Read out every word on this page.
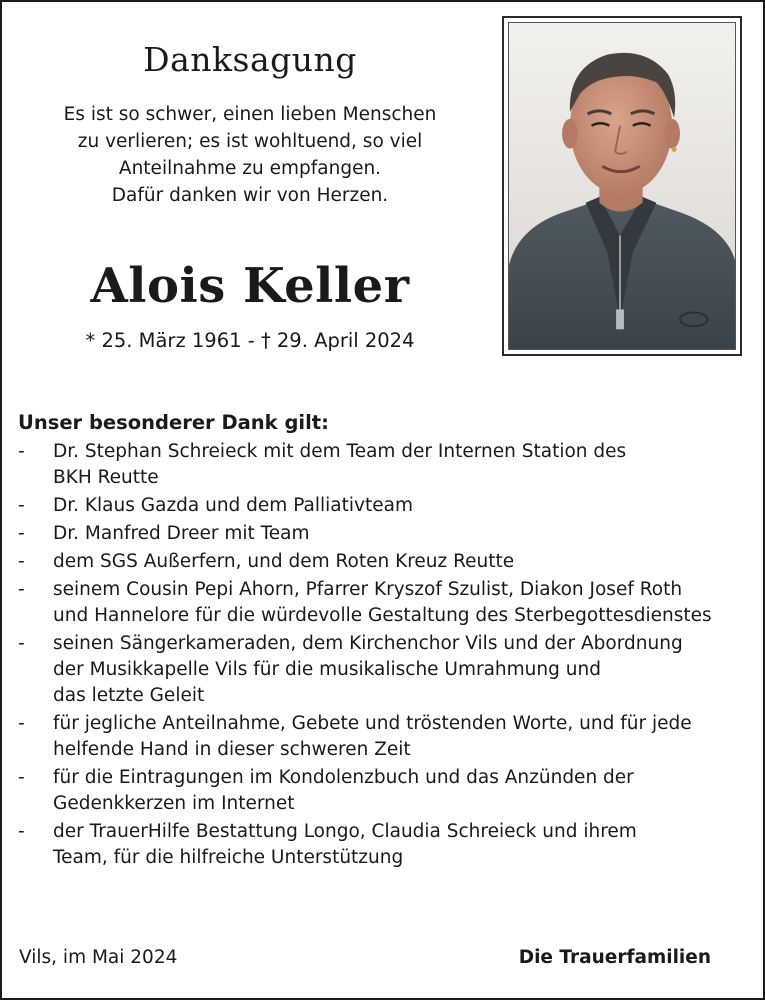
Danksagung
Es ist so schwer, einen lieben Menschen
zu verlieren; es ist wohltuend, so viel
Anteilnahme zu empfangen.
Dafür danken wir von Herzen.
Alois Keller
* 25. März 1961 - † 29. April 2024
Unser besonderer Dank gilt:
- Dr. Stephan Schreieck mit dem Team der Internen Station des
BKH Reutte
- Dr. Klaus Gazda und dem Palliativteam
- Dr. Manfred Dreer mit Team
- dem SGS Außerfern, und dem Roten Kreuz Reutte
- seinem Cousin Pepi Ahorn, Pfarrer Kryszof Szulist, Diakon Josef Roth
und Hannelore für die würdevolle Gestaltung des Sterbegottesdienstes
- seinen Sängerkameraden, dem Kirchenchor Vils und der Abordnung
der Musikkapelle Vils für die musikalische Umrahmung und
das letzte Geleit
- für jegliche Anteilnahme, Gebete und tröstenden Worte, und für jede
helfende Hand in dieser schweren Zeit
- für die Eintragungen im Kondolenzbuch und das Anzünden der
Gedenkkerzen im Internet
- der TrauerHilfe Bestattung Longo, Claudia Schreieck und ihrem
Team, für die hilfreiche Unterstützung
Vils, im Mai 2024	Die Trauerfamilien
